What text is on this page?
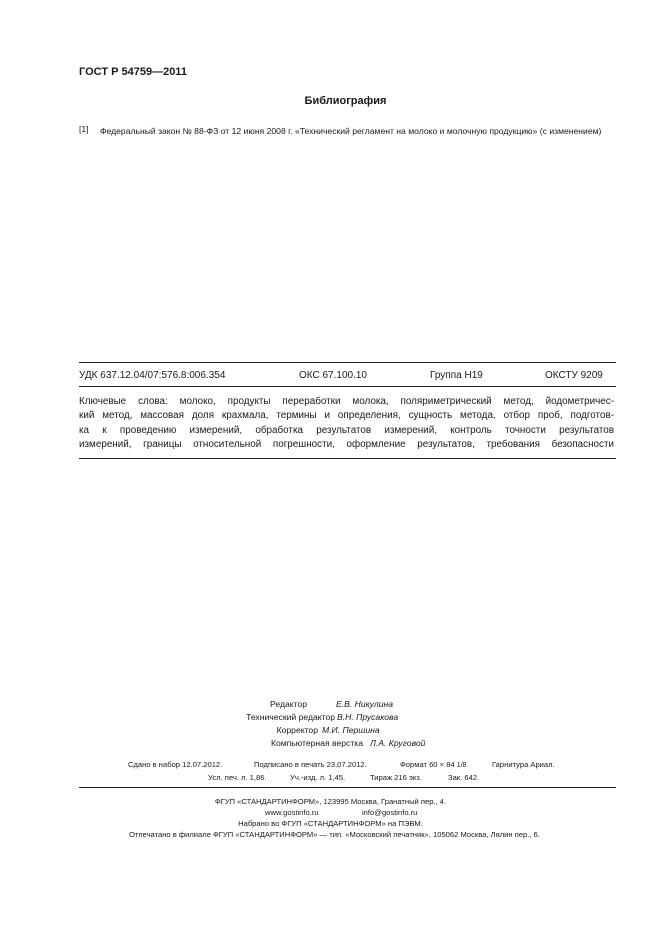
ГОСТ Р 54759—2011
Библиография
[1] Федеральный закон № 88-ФЗ от 12 июня 2008 г. «Технический регламент на молоко и молочную продукцию» (с изменением)
УДК 637.12.04/07:576.8:006.354	ОКС 67.100.10	Группа Н19	ОКСТУ 9209
Ключевые слова: молоко, продукты переработки молока, поляриметрический метод, йодометричес-
кий метод, массовая доля крахмала, термины и определения, сущность метода, отбор проб, подготов-
ка к проведению измерений, обработка результатов измерений, контроль точности результатов
измерений, границы относительной погрешности, оформление результатов, требования безопасности
Редактор	Е.В. Никулина
Технический редактор В.Н. Прусакова
Корректор М.И. Першина
Компьютерная верстка Л.А. Круговой
Сдано в набор 12.07.2012.	Подписано в печать 23.07.2012.	Формат 60 × 84 1/8	Гарнитура Ариал.
Усл. печ. л. 1,86.	Уч.-изд. л. 1,45.	Тираж 216 экз.	Зак. 642.
ФГУП «СТАНДАРТИНФОРМ», 123995 Москва, Гранатный пер., 4.
www.gostinfo.ru	info@gostinfo.ru
Набрано во ФГУП «СТАНДАРТИНФОРМ» на ПЭВМ.
Отпечатано в филиале ФГУП «СТАНДАРТИНФОРМ» — тип. «Московский печатник», 105062 Москва, Лялин пер., 6.
